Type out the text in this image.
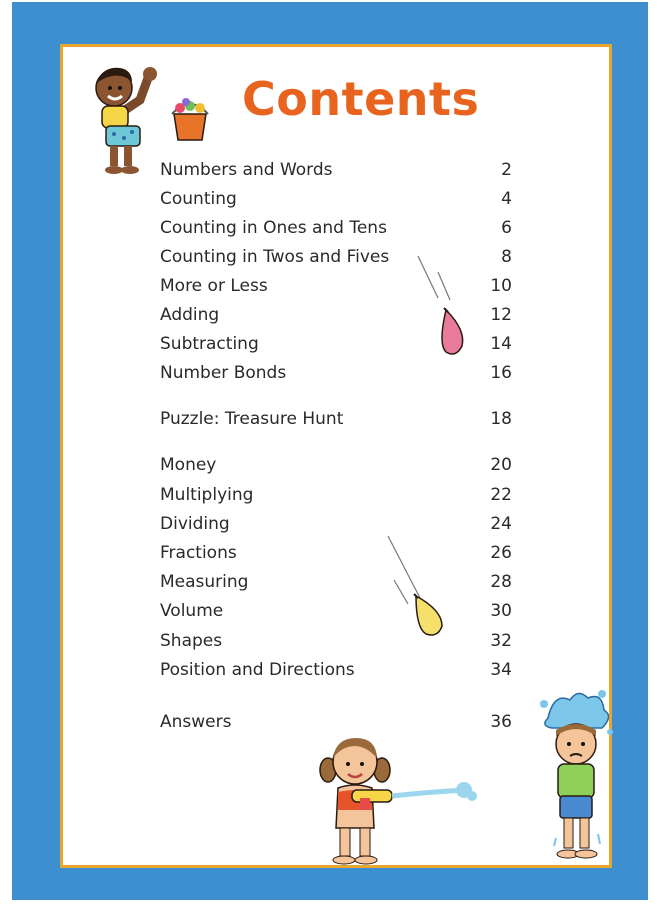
Contents
Numbers and Words	2
Counting	4
Counting in Ones and Tens	6
Counting in Twos and Fives	8
More or Less	10
Adding	12
Subtracting	14
Number Bonds	16
Puzzle: Treasure Hunt	18
Money	20
Multiplying	22
Dividing	24
Fractions	26
Measuring	28
Volume	30
Shapes	32
Position and Directions	34
Answers	36
